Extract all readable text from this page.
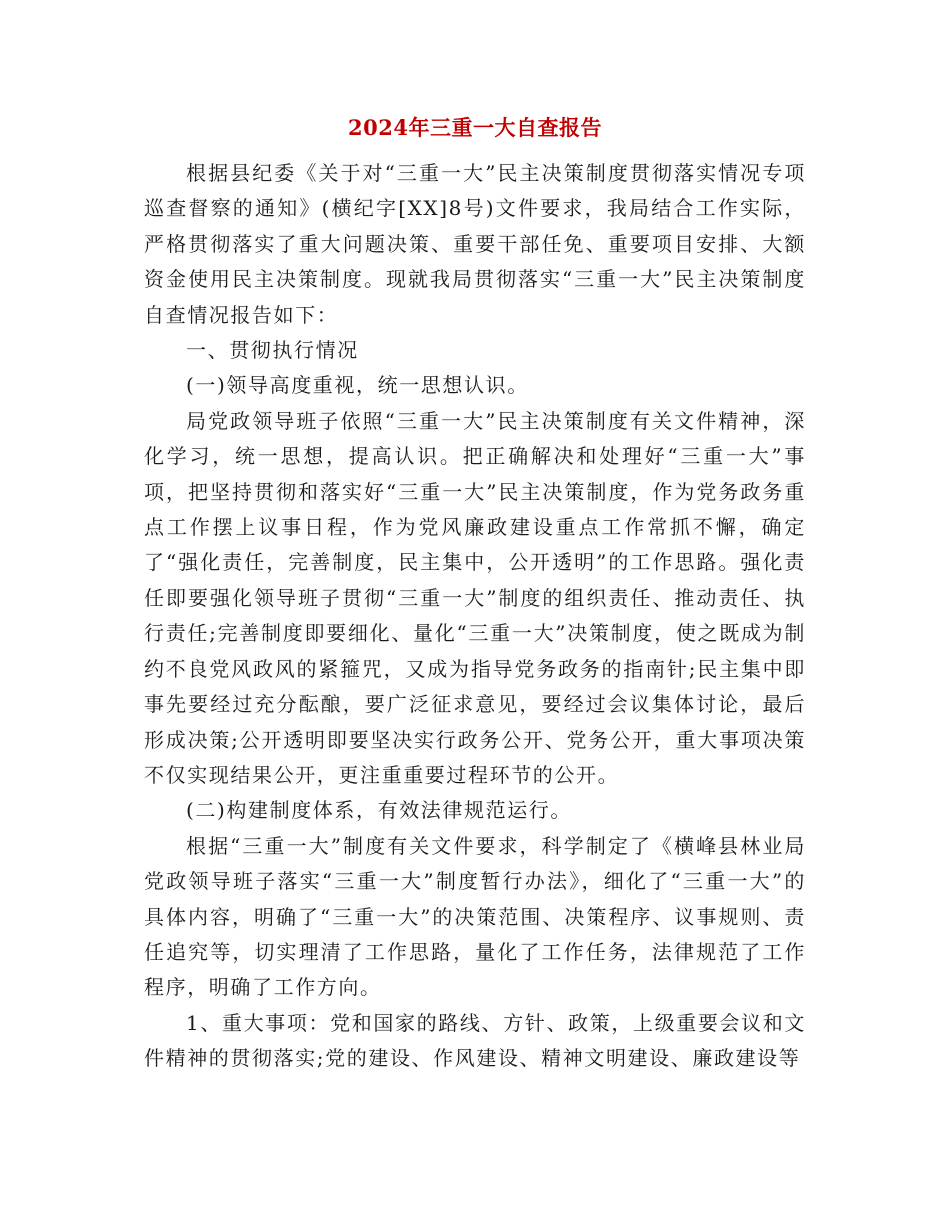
2024年三重一大自查报告

根据县纪委《关于对“三重一大”民主决策制度贯彻落实情况专项巡查督察的通知》(横纪字[XX]8号)文件要求，我局结合工作实际，严格贯彻落实了重大问题决策、重要干部任免、重要项目安排、大额资金使用民主决策制度。现就我局贯彻落实“三重一大”民主决策制度自查情况报告如下：

一、贯彻执行情况

(一)领导高度重视，统一思想认识。

局党政领导班子依照“三重一大”民主决策制度有关文件精神，深化学习，统一思想，提高认识。把正确解决和处理好“三重一大”事项，把坚持贯彻和落实好“三重一大”民主决策制度，作为党务政务重点工作摆上议事日程，作为党风廉政建设重点工作常抓不懈，确定了“强化责任，完善制度，民主集中，公开透明”的工作思路。强化责任即要强化领导班子贯彻“三重一大”制度的组织责任、推动责任、执行责任;完善制度即要细化、量化“三重一大”决策制度，使之既成为制约不良党风政风的紧箍咒，又成为指导党务政务的指南针;民主集中即事先要经过充分酝酿，要广泛征求意见，要经过会议集体讨论，最后形成决策;公开透明即要坚决实行政务公开、党务公开，重大事项决策不仅实现结果公开，更注重重要过程环节的公开。

(二)构建制度体系，有效法律规范运行。

根据“三重一大”制度有关文件要求，科学制定了《横峰县林业局党政领导班子落实“三重一大”制度暂行办法》，细化了“三重一大”的具体内容，明确了“三重一大”的决策范围、决策程序、议事规则、责任追究等，切实理清了工作思路，量化了工作任务，法律规范了工作程序，明确了工作方向。

1、重大事项：党和国家的路线、方针、政策，上级重要会议和文件精神的贯彻落实;党的建设、作风建设、精神文明建设、廉政建设等
